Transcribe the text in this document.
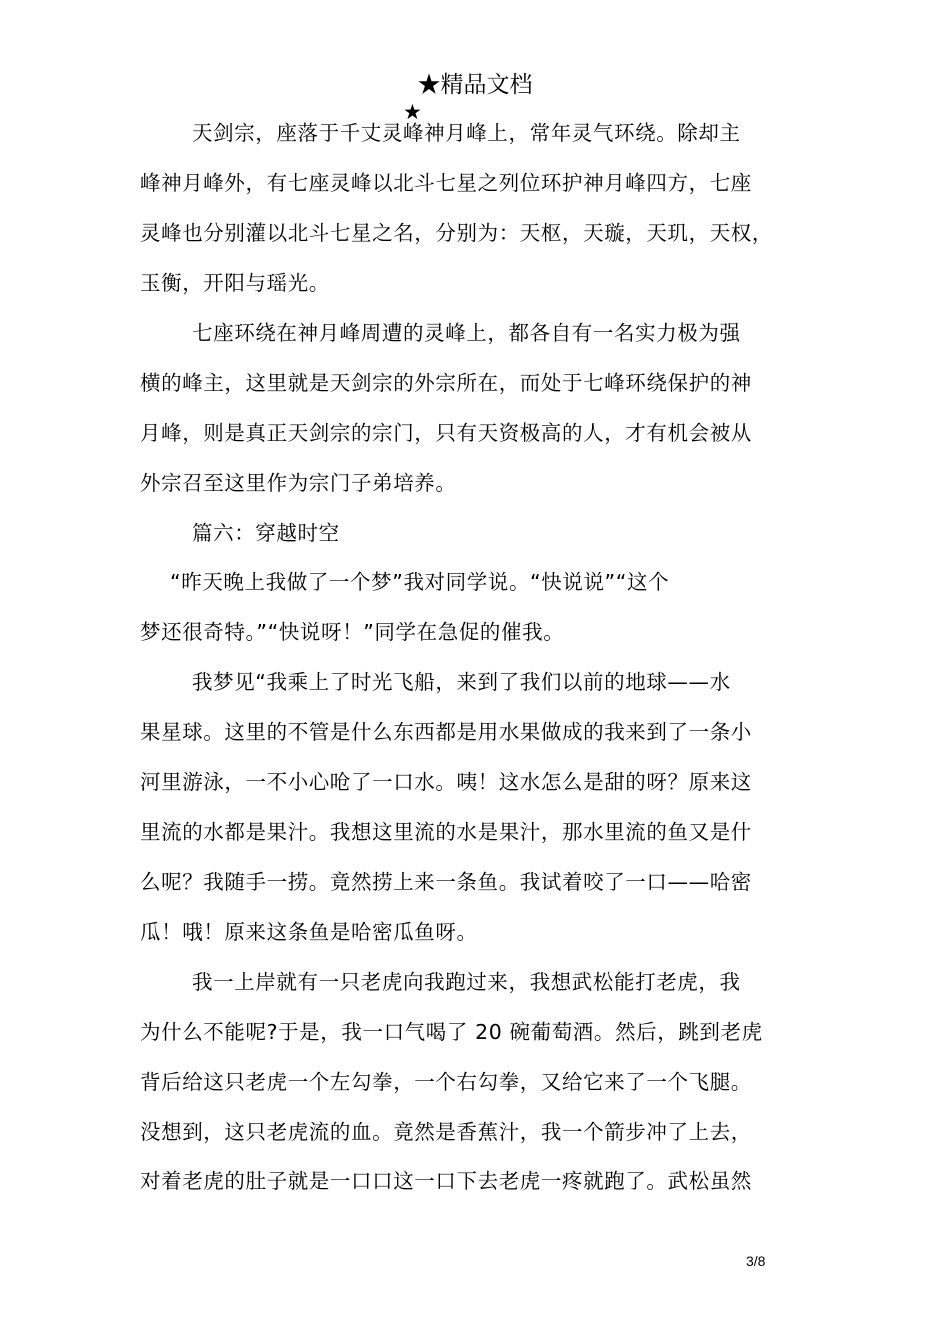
★精品文档
★
天剑宗，座落于千丈灵峰神月峰上，常年灵气环绕。除却主
峰神月峰外，有七座灵峰以北斗七星之列位环护神月峰四方，七座
灵峰也分别灌以北斗七星之名，分别为：天枢，天璇，天玑，天权，
玉衡，开阳与瑶光。
七座环绕在神月峰周遭的灵峰上，都各自有一名实力极为强
横的峰主，这里就是天剑宗的外宗所在，而处于七峰环绕保护的神
月峰，则是真正天剑宗的宗门，只有天资极高的人，才有机会被从
外宗召至这里作为宗门子弟培养。
篇六：穿越时空
“昨天晚上我做了一个梦”我对同学说。“快说说”“这个
梦还很奇特。”“快说呀！”同学在急促的催我。
我梦见“我乘上了时光飞船，来到了我们以前的地球——水
果星球。这里的不管是什么东西都是用水果做成的我来到了一条小
河里游泳，一不小心呛了一口水。咦！这水怎么是甜的呀？原来这
里流的水都是果汁。我想这里流的水是果汁，那水里流的鱼又是什
么呢？我随手一捞。竟然捞上来一条鱼。我试着咬了一口——哈密
瓜！哦！原来这条鱼是哈密瓜鱼呀。
我一上岸就有一只老虎向我跑过来，我想武松能打老虎，我
为什么不能呢?于是，我一口气喝了 20 碗葡萄酒。然后，跳到老虎
背后给这只老虎一个左勾拳，一个右勾拳，又给它来了一个飞腿。
没想到，这只老虎流的血。竟然是香蕉汁，我一个箭步冲了上去，
对着老虎的肚子就是一口口这一口下去老虎一疼就跑了。武松虽然
3/8
